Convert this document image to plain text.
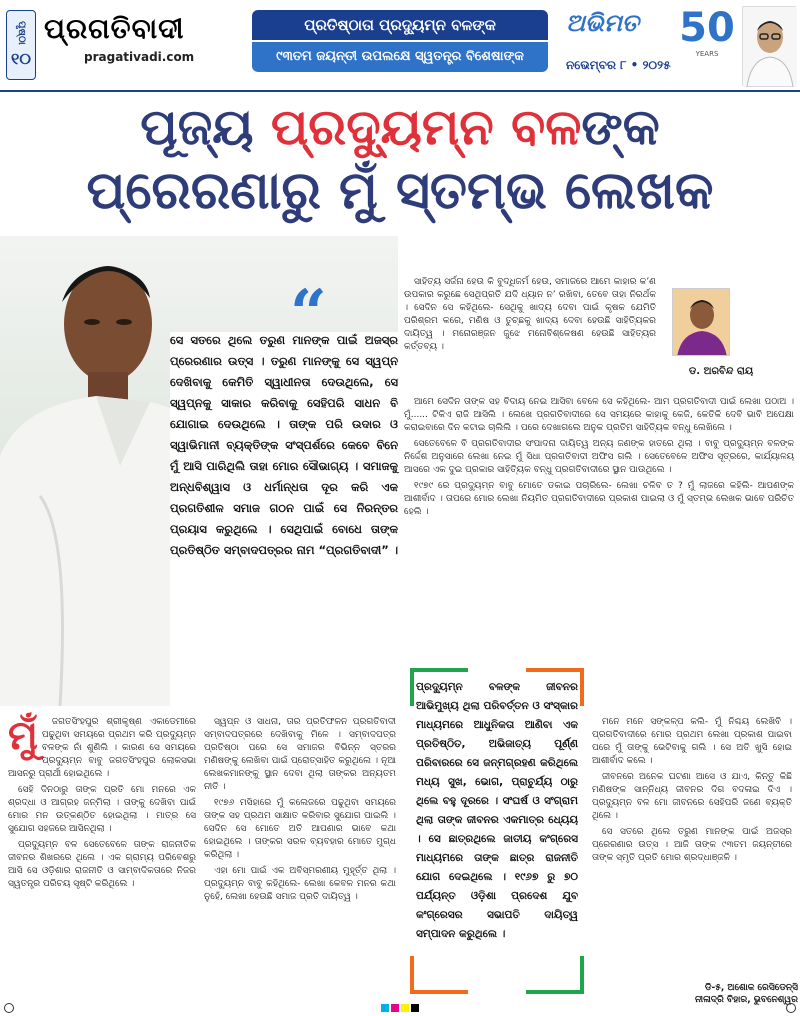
ପୃଷ୍ଠା
୧୦
ପ୍ରଗତିବାଦୀ
pragativadi.com
ପ୍ରତିଷ୍ଠାତା ପ୍ରଦ୍ୟୁମ୍ନ ବଳଙ୍କ
୯୩ତମ ଜୟନ୍ତୀ ଉପଲକ୍ଷେ ସ୍ୱତନ୍ତ୍ର ବିଶେଷାଙ୍କ
ଅଭିମତ
ନଭେମ୍ବର ୮ • ୨୦୨୫
50
YEARS
ପୂଜ୍ୟ ପ୍ରଦ୍ୟୁମ୍ନ ବଳଙ୍କ
ପ୍ରେରଣାରୁ ମୁଁ ସ୍ତମ୍ଭ ଲେଖକ
“
ସେ ସତରେ ଥିଲେ ତରୁଣ ମାନଙ୍କ ପାଇଁ ଅଜସ୍ର ପ୍ରେରଣାର ଉତ୍ସ । ତରୁଣ ମାନଙ୍କୁ ସେ ସ୍ୱପ୍ନ ଦେଖିବାକୁ କେମିତି ସ୍ୱାଧୀନତା ଦେଉଥିଲେ, ସେ ସ୍ୱପ୍ନକୁ ସାକାର କରିବାକୁ ସେହିପରି ସାଧନ ବି ଯୋଗାଇ ଦେଉଥିଲେ । ତାଙ୍କ ପରି ଉଦାର ଓ ସ୍ୱାଭିମାନୀ ବ୍ୟକ୍ତିଙ୍କ ସଂସ୍ପର୍ଶରେ କେବେ ବିନେ ମୁଁ ଆସି ପାରିଥିଲି ତାହା ମୋର ସୌଭାଗ୍ୟ । ସମାଜକୁ ଅନ୍ଧବିଶ୍ୱାସ ଓ ଧର୍ମାନ୍ଧତା ଦୂର କରି ଏକ ପ୍ରଗତିଶୀଳ ସମାଜ ଗଠନ ପାଇଁ ସେ ନିରନ୍ତର ପ୍ରୟାସ କରୁଥିଲେ । ସେଥିପାଇଁ ବୋଧେ ତାଙ୍କ ପ୍ରତିଷ୍ଠିତ ସମ୍ବାଦପତ୍ରର ନାମ “ପ୍ରଗତିବାଦୀ” ।

ସାହିତ୍ୟ ସର୍ଜନା ହେଉ କି ବୁଦ୍ଧିଜର୍ମ ହେଉ, ସମାଜରେ ଆମେ କାହାର କ’ଣ ଉପକାର କରୁଛେ ସେଥିପ୍ରତି ଯଦି ଧ୍ୟାନ ନ’ ରଖିବା, ତେବେ ତାହା ନିରର୍ଥକ । ସେଦିନ ସେ କହିଥିଲେ- ସେଥିକୁ ଖାଦ୍ୟ ଦେବା ପାଇଁ କୃଷକ ଯେମିତି ପରିଶ୍ରମ କରେ, ମଣିଷ ଓ ତୁଚ୍ଛକୁ ଖାଦ୍ୟ ଦେବା ହେଉଛି ସାହିତ୍ୟିକର ଦାୟିତ୍ୱ । ମନୋରଞ୍ଜନ ଜୁଝେ ମନୋବିଶ୍ଳେଷଣ ହେଉଛି ସାହିତ୍ୟର କର୍ତ୍ତବ୍ୟ ।

ଡ. ଅରବିନ୍ଦ ରାୟ

ଆମେ ସେଦିନ ତାଙ୍କ ସହ ବିଦାୟ ନେଇ ଆସିବା ବେଳେ ସେ କହିଥିଲେ- ଆମ ପ୍ରଗତିବାଦୀ ପାଇଁ ଲେଖା ପଠାଅ । ମୁଁ...... ଟିକିଏ ରାଜି ଆସିଲି । ଲେଖେ ପ୍ରଗତିବାଦୀରେ ସେ ସମୟରେ କାହାକୁ କେଜି, କେତିକି ଦେବି ଭାବି ଅପେକ୍ଷା କରାଇବାରେ ଦିନ କଟାଇ ଚାଲିଲି । ପରେ ଦେଖାଗଲେ ଅନୁକ ପ୍ରତିମ ସାହିତ୍ୟିକ ବନ୍ଧୁ ଲେଖିଲେ ।

ସେତେବେଳେ ବି ପ୍ରଗତିବାଦୀର ସଂପାଦନା ଦାୟିତ୍ୱ ଅନ୍ୟ ଜଣଙ୍କ ହାତରେ ଥିଲା । ବାବୁ ପ୍ରଦ୍ୟୁମ୍ନ ବଳଙ୍କ ନିର୍ଦ୍ଦେଶ ଅନୁସାରେ ଲେଖା ନେଇ ମୁଁ ସିଧା ପ୍ରଗତିବାଦୀ ଅଫିସ ଗଲି । ସେତେବେଳେ ଅଫିସ ସୂତ୍ରରେ, କାର୍ଯ୍ୟାଳୟ ଆସରେ ଏକ ଦୁଇ ପ୍ରକାର ସାହିତ୍ୟିକ ବନ୍ଧୁ ପ୍ରଗତିବାଦୀରେ ସ୍ଥାନ ପାଉଥିଲେ ।

୧୯୭୯ ରେ ପ୍ରଦ୍ୟୁମ୍ନ ବାବୁ ମୋତେ ଡକାଇ ପଚାରିଲେ- ଲେଖା ଚଳିବ ତ ? ମୁଁ ଲାଜରେ କହିଲି- ଆପଣଙ୍କ ଆଶୀର୍ବାଦ । ତାପରେ ମୋର ଲେଖା ନିୟମିତ ପ୍ରଗତିବାଦୀରେ ପ୍ରକାଶ ପାଇଲା ଓ ମୁଁ ସ୍ତମ୍ଭ ଲେଖକ ଭାବେ ପରିଚିତ ହେଲି ।

ମୁଁ	ଜଗତସିଂହପୁର ଶ୍ରୀକୃଷ୍ଣ ଏକାଡେମୀରେ ପଢୁଥିବା ସମୟରେ ପ୍ରଥମ କରି ପ୍ରଦ୍ୟୁମ୍ନ ବଳଙ୍କ ନାଁ ଶୁଣିଲି । କାରଣ ସେ ସମୟରେ ପ୍ରଦ୍ୟୁମ୍ନ ବାବୁ ଜଗତସିଂହପୁର ଲୋକସଭା ଆସନରୁ ପ୍ରାର୍ଥୀ ହୋଇଥିଲେ ।

ସେହି ଦିନଠାରୁ ତାଙ୍କ ପ୍ରତି ମୋ ମନରେ ଏକ ଶ୍ରଦ୍ଧା ଓ ଆଗ୍ରହ ଜନ୍ମିଲା । ତାଙ୍କୁ ଦେଖିବା ପାଇଁ ମୋର ମନ ଉତ୍କଣ୍ଠିତ ହୋଇଥିଲା । ମାତ୍ର ସେ ସୁଯୋଗ ସହଜରେ ଆସିନଥିଲା ।

ପ୍ରଦ୍ୟୁମ୍ନ ବଳ ସେତେବେଳେ ତାଙ୍କ ରାଜନୀତିକ ଜୀବନର ଶିଖରରେ ଥିଲେ । ଏକ ଗ୍ରାମ୍ୟ ପରିବେଶରୁ ଆସି ସେ ଓଡ଼ିଶାର ରାଜନୀତି ଓ ସାମ୍ବାଦିକତାରେ ନିଜର ସ୍ୱତନ୍ତ୍ର ପରିଚୟ ସୃଷ୍ଟି କରିଥିଲେ ।

ସ୍ୱପ୍ନ ଓ ସାଧନା, ତାର ପ୍ରତିଫଳନ ପ୍ରଗତିବାଦୀ ସମ୍ବାଦପତ୍ରରେ ଦେଖିବାକୁ ମିଳେ । ସମ୍ବାଦପତ୍ର ପ୍ରତିଷ୍ଠା ପରେ ସେ ସମାଜର ବିଭିନ୍ନ ସ୍ତରର ମଣିଷଙ୍କୁ ଲେଖିବା ପାଇଁ ପ୍ରୋତ୍ସାହିତ କରୁଥିଲେ । ନୂଆ ଲେଖକମାନଙ୍କୁ ସ୍ଥାନ ଦେବା ଥିଲା ତାଙ୍କର ଅନ୍ୟତମ ନୀତି ।

୧୯୭୬ ମସିହାରେ ମୁଁ କଲେଜରେ ପଢୁଥିବା ସମୟରେ ତାଙ୍କ ସହ ପ୍ରଥମ ସାକ୍ଷାତ କରିବାର ସୁଯୋଗ ପାଇଲି । ସେଦିନ ସେ ମୋତେ ଅତି ଆପଣାର ଭାବେ କଥା ହୋଇଥିଲେ । ତାଙ୍କର ସରଳ ବ୍ୟବହାର ମୋତେ ମୁଗ୍ଧ କରିଥିଲା ।

ଏହା ମୋ ପାଇଁ ଏକ ଅବିସ୍ମରଣୀୟ ମୁହୂର୍ତ୍ତ ଥିଲା । ପ୍ରଦ୍ୟୁମ୍ନ ବାବୁ କହିଥିଲେ- ଲେଖା କେବଳ ମନର କଥା ନୁହେଁ, ଲେଖା ହେଉଛି ସମାଜ ପ୍ରତି ଦାୟିତ୍ୱ ।

ପ୍ରଦ୍ୟୁମ୍ନ ବଳଙ୍କ ଜୀବନର ଆଭିମୁଖ୍ୟ ଥିଲା ପରିବର୍ତ୍ତନ ଓ ସଂସ୍କାର ମାଧ୍ୟମରେ ଆଧୁନିକତା ଆଣିବା ଏକ ପ୍ରତିଷ୍ଠିତ, ଅଭିଜାତ୍ୟ ପୂର୍ଣ୍ଣ ପରିବାରରେ ସେ ଜନ୍ମଗ୍ରହଣ କରିଥିଲେ ମଧ୍ୟ ସୁଖ, ଭୋଗ, ପ୍ରାଚୁର୍ଯ୍ୟ ଠାରୁ ଥିଲେ ବହୁ ଦୂରରେ । ସଂଘର୍ଷ ଓ ସଂଗ୍ରାମ ଥିଲା ତାଙ୍କ ଜୀବନର ଏକମାତ୍ର ଧ୍ୟେୟ । ସେ ଛାତ୍ରଥିଲେ ଜାତୀୟ କଂଗ୍ରେସ ମାଧ୍ୟମରେ ତାଙ୍କ ଛାତ୍ର ରାଜନୀତି ଯୋଗ ଦେଇଥିଲେ । ୧୯୬୭ ରୁ ୭୦ ପର୍ଯ୍ୟନ୍ତ ଓଡ଼ିଶା ପ୍ରଦେଶ ଯୁବ କଂଗ୍ରେସର ସଭାପତି ଦାୟିତ୍ୱ ସମ୍ପାଦନ କରୁଥିଲେ ।

ମନେ ମନେ ସଙ୍କଳ୍ପ କଲି- ମୁଁ ନିଶ୍ଚୟ ଲେଖିବି । ପ୍ରଗତିବାଦୀରେ ମୋର ପ୍ରଥମ ଲେଖା ପ୍ରକାଶ ପାଇବା ପରେ ମୁଁ ତାଙ୍କୁ ଭେଟିବାକୁ ଗଲି । ସେ ଅତି ଖୁସି ହୋଇ ଆଶୀର୍ବାଦ କଲେ ।

ଜୀବନରେ ଅନେକ ଘଟଣା ଆସେ ଓ ଯାଏ, କିନ୍ତୁ କିଛି ମଣିଷଙ୍କ ସାନ୍ନିଧ୍ୟ ଜୀବନର ଦିଗ ବଦଳାଇ ଦିଏ । ପ୍ରଦ୍ୟୁମ୍ନ ବଳ ମୋ ଜୀବନରେ ସେହିପରି ଜଣେ ବ୍ୟକ୍ତି ଥିଲେ ।

ସେ ସତରେ ଥିଲେ ତରୁଣ ମାନଙ୍କ ପାଇଁ ଅଜସ୍ର ପ୍ରେରଣାର ଉତ୍ସ । ଆଜି ତାଙ୍କ ୯୩ତମ ଜୟନ୍ତୀରେ ତାଙ୍କ ସ୍ମୃତି ପ୍ରତି ମୋର ଶ୍ରଦ୍ଧାଞ୍ଜଳି ।

ଡି-୫, ଅଶୋକ ରେସିଡେନ୍ସି
ନୀଳାଦ୍ରି ବିହାର, ଭୁବନେଶ୍ୱର
